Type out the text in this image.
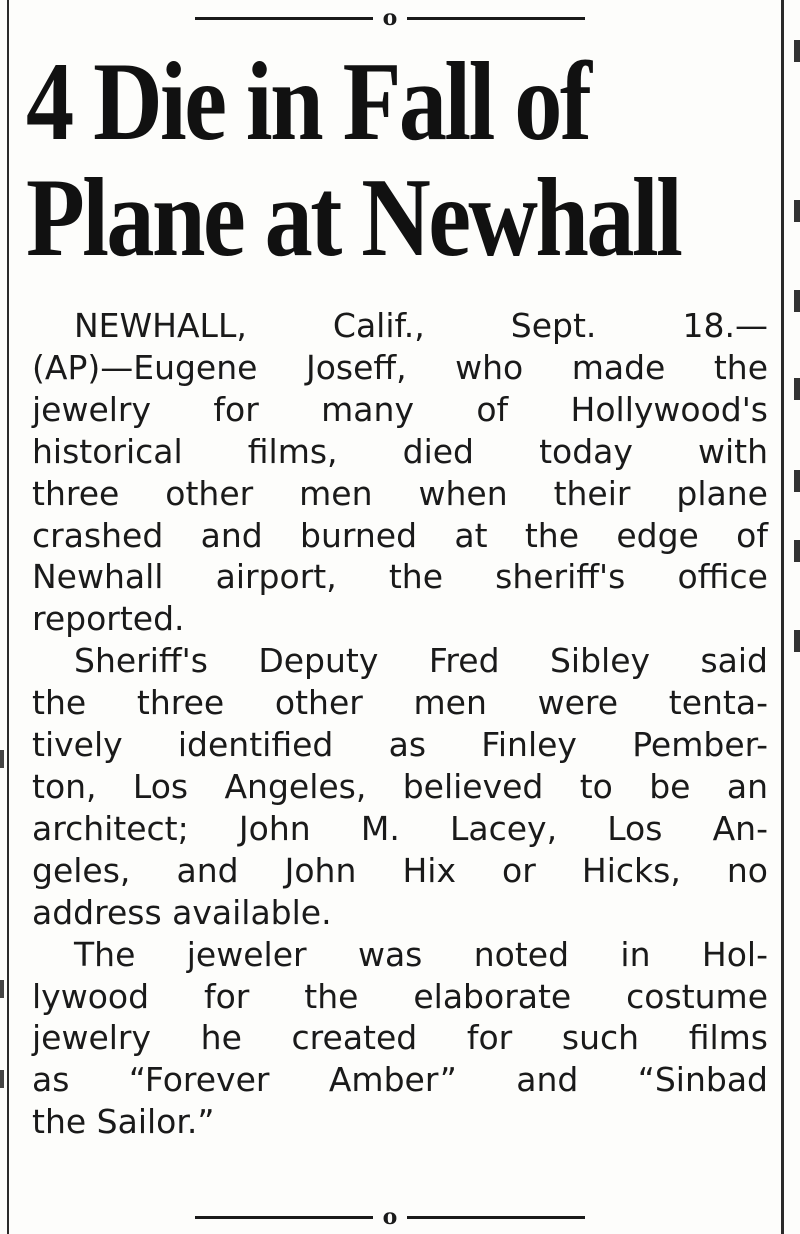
o
4 Die in Fall of
Plane at Newhall

NEWHALL, Calif., Sept. 18.—
(AP)—Eugene Joseff, who made the
jewelry for many of Hollywood's
historical films, died today with
three other men when their plane
crashed and burned at the edge of
Newhall airport, the sheriff's office
reported.

Sheriff's Deputy Fred Sibley said
the three other men were tenta-
tively identified as Finley Pember-
ton, Los Angeles, believed to be an
architect; John M. Lacey, Los An-
geles, and John Hix or Hicks, no
address available.

The jeweler was noted in Hol-
lywood for the elaborate costume
jewelry he created for such films
as “Forever Amber” and “Sinbad
the Sailor.”

o
